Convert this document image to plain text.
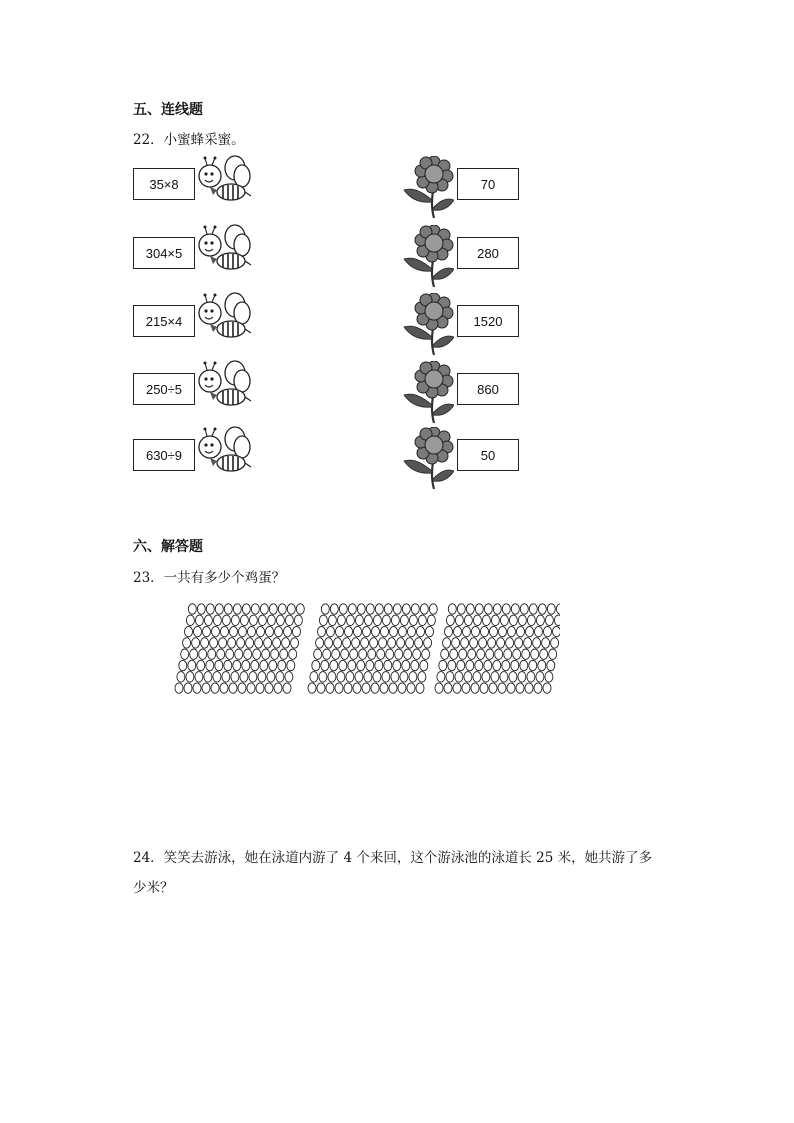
五、连线题
22．小蜜蜂采蜜。
35×8	70
304×5	280
215×4	1520
250÷5	860
630÷9	50
六、解答题
23．一共有多少个鸡蛋？
24．笑笑去游泳，她在泳道内游了 4 个来回，这个游泳池的泳道长 25 米，她共游了多
少米？
